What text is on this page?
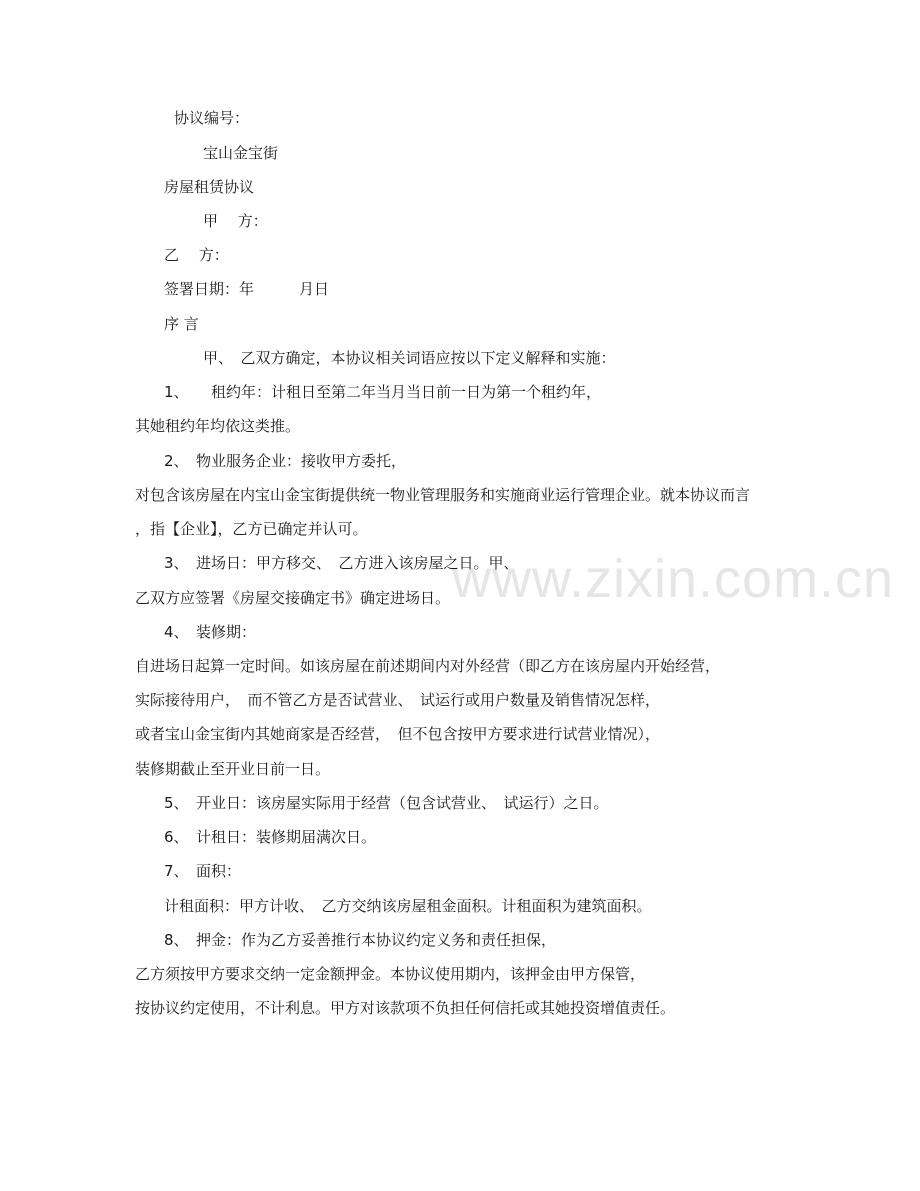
www.zixin.com.cn
协议编号：
宝山金宝街
房屋租赁协议
甲　 方：
乙　 方：
签署日期：年　　　月日
序 言
甲、　乙双方确定，本协议相关词语应按以下定义解释和实施：
1、　　租约年：计租日至第二年当月当日前一日为第一个租约年，
其她租约年均依这类推。
2、　物业服务企业：接收甲方委托，
对包含该房屋在内宝山金宝街提供统一物业管理服务和实施商业运行管理企业。就本协议而言
，指【企业】，乙方已确定并认可。
3、　进场日：甲方移交、　乙方进入该房屋之日。甲、
乙双方应签署《房屋交接确定书》确定进场日。
4、　装修期：
自进场日起算一定时间。如该房屋在前述期间内对外经营（即乙方在该房屋内开始经营，
实际接待用户，　而不管乙方是否试营业、　试运行或用户数量及销售情况怎样，
或者宝山金宝街内其她商家是否经营，　但不包含按甲方要求进行试营业情况），
装修期截止至开业日前一日。
5、　开业日：该房屋实际用于经营（包含试营业、　试运行）之日。
6、　计租日：装修期届满次日。
7、　面积：
计租面积：甲方计收、　乙方交纳该房屋租金面积。计租面积为建筑面积。
8、　押金：作为乙方妥善推行本协议约定义务和责任担保，
乙方须按甲方要求交纳一定金额押金。本协议使用期内，该押金由甲方保管，
按协议约定使用，不计利息。甲方对该款项不负担任何信托或其她投资增值责任。
